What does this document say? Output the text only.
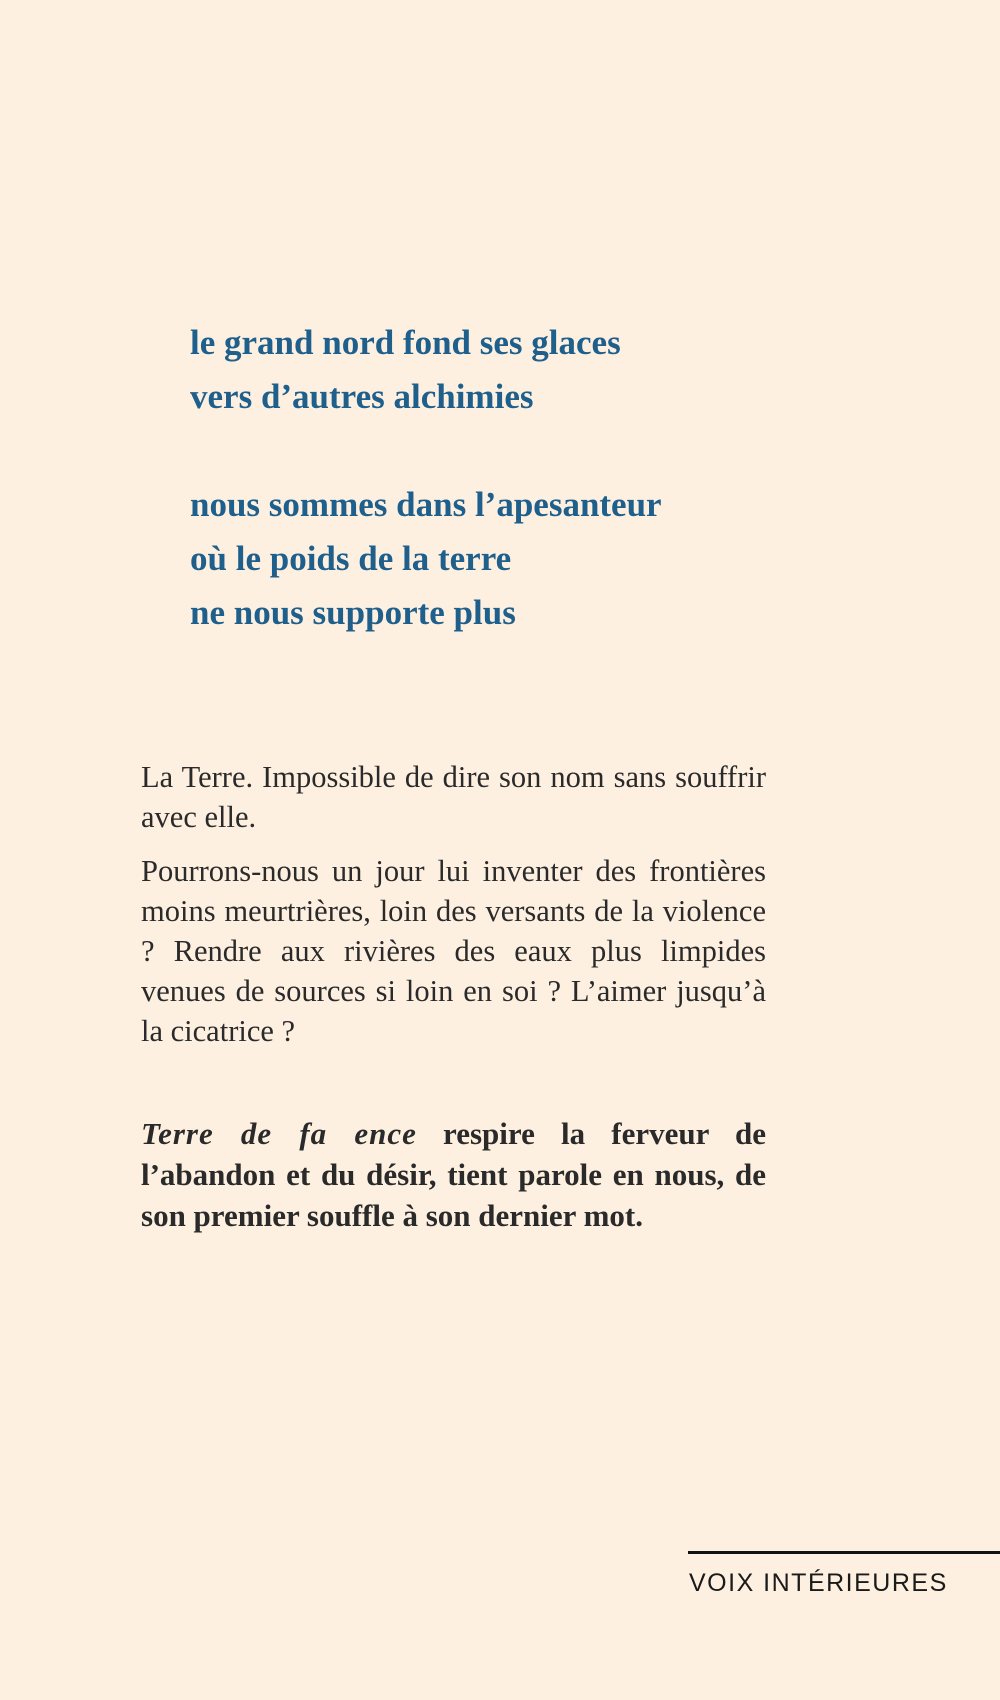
le grand nord fond ses glaces
vers d’autres alchimies
nous sommes dans l’apesanteur
où le poids de la terre
ne nous supporte plus

La Terre. Impossible de dire son nom sans souffrir avec elle.

Pourrons-nous un jour lui inventer des frontières moins meurtrières, loin des versants de la violence ? Rendre aux rivières des eaux plus limpides venues de sources si loin en soi ? L’aimer jusqu’à la cicatrice ?

Terre de fa ence respire la ferveur de l’abandon et du désir, tient parole en nous, de son premier souffle à son dernier mot.
VOIX INTÉRIEURES
